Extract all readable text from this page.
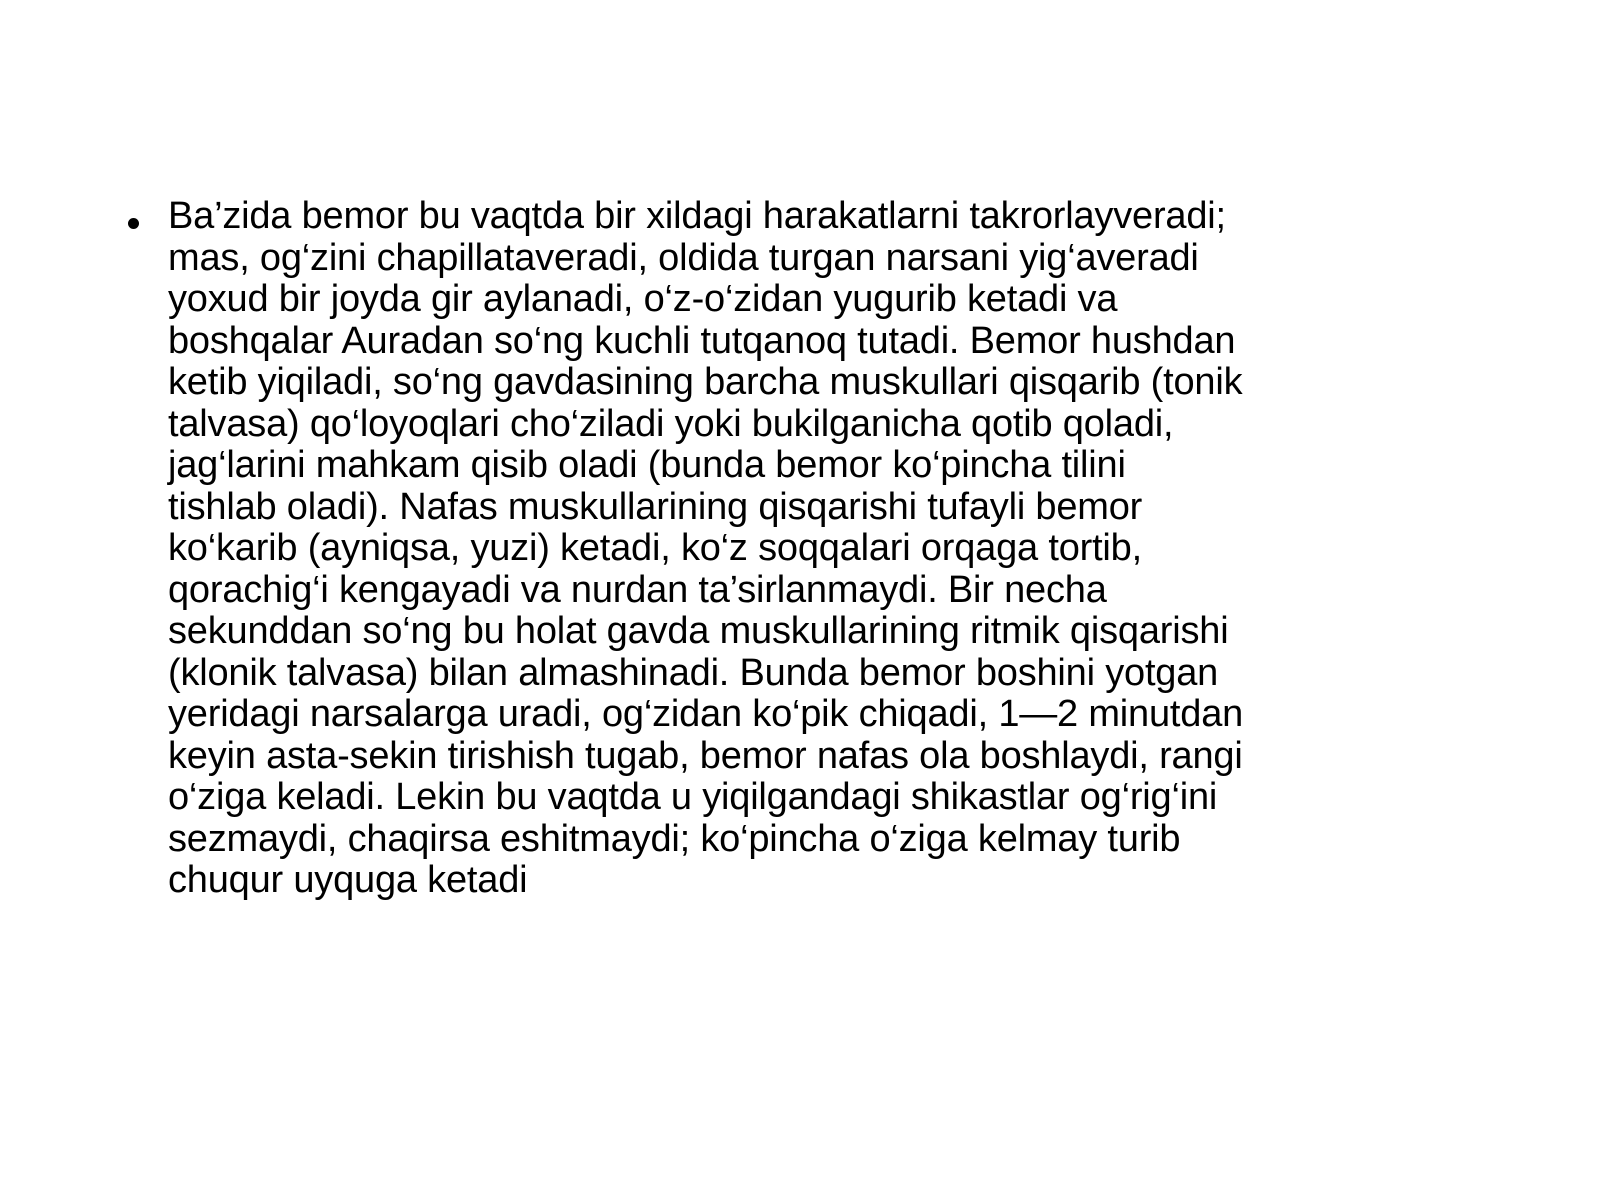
Ba’zida bemor bu vaqtda bir xildagi harakatlarni takrorlayveradi;
mas, og‘zini chapillataveradi, oldida turgan narsani yig‘averadi
yoxud bir joyda gir aylanadi, o‘z-o‘zidan yugurib ketadi va
boshqalar Auradan so‘ng kuchli tutqanoq tutadi. Bemor hushdan
ketib yiqiladi, so‘ng gavdasining barcha muskullari qisqarib (tonik
talvasa) qo‘loyoqlari cho‘ziladi yoki bukilganicha qotib qoladi,
jag‘larini mahkam qisib oladi (bunda bemor ko‘pincha tilini
tishlab oladi). Nafas muskullarining qisqarishi tufayli bemor
ko‘karib (ayniqsa, yuzi) ketadi, ko‘z soqqalari orqaga tortib,
qorachig‘i kengayadi va nurdan ta’sirlanmaydi. Bir necha
sekunddan so‘ng bu holat gavda muskullarining ritmik qisqarishi
(klonik talvasa) bilan almashinadi. Bunda bemor boshini yotgan
yeridagi narsalarga uradi, og‘zidan ko‘pik chiqadi, 1—2 minutdan
keyin asta-sekin tirishish tugab, bemor nafas ola boshlaydi, rangi
o‘ziga keladi. Lekin bu vaqtda u yiqilgandagi shikastlar og‘rig‘ini
sezmaydi, chaqirsa eshitmaydi; ko‘pincha o‘ziga kelmay turib
chuqur uyquga ketadi
